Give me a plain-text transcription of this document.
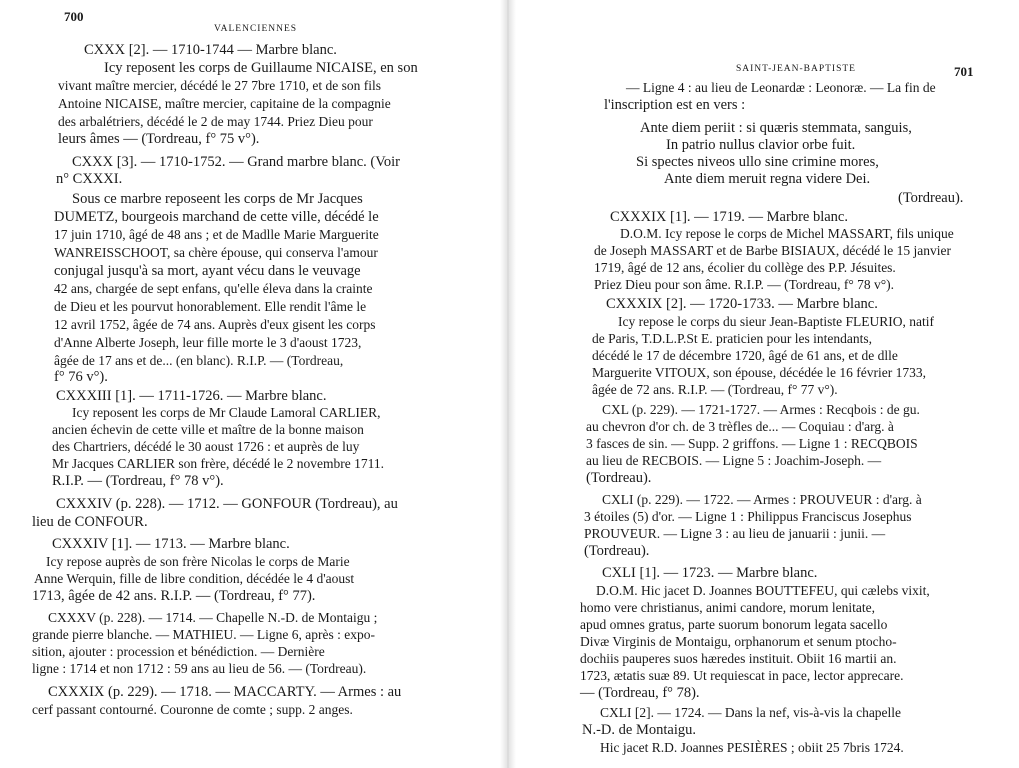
700
VALENCIENNES
CXXX [2]. — 1710-1744 — Marbre blanc.
Icy reposent les corps de Guillaume NICAISE, en son
vivant maître mercier, décédé le 27 7bre 1710, et de son fils
Antoine NICAISE, maître mercier, capitaine de la compagnie
des arbalétriers, décédé le 2 de may 1744. Priez Dieu pour
leurs âmes — (Tordreau, f° 75 v°).
CXXX [3]. — 1710-1752. — Grand marbre blanc. (Voir
n° CXXXI.
Sous ce marbre reposeent les corps de Mr Jacques
DUMETZ, bourgeois marchand de cette ville, décédé le
17 juin 1710, âgé de 48 ans ; et de Madlle Marie Marguerite
WANREISSCHOOT, sa chère épouse, qui conserva l'amour
conjugal jusqu'à sa mort, ayant vécu dans le veuvage
42 ans, chargée de sept enfans, qu'elle éleva dans la crainte
de Dieu et les pourvut honorablement. Elle rendit l'âme le
12 avril 1752, âgée de 74 ans. Auprès d'eux gisent les corps
d'Anne Alberte Joseph, leur fille morte le 3 d'aoust 1723,
âgée de 17 ans et de... (en blanc). R.I.P. — (Tordreau,
f° 76 v°).
CXXXIII [1]. — 1711-1726. — Marbre blanc.
Icy reposent les corps de Mr Claude Lamoral CARLIER,
ancien échevin de cette ville et maître de la bonne maison
des Chartriers, décédé le 30 aoust 1726 : et auprès de luy
Mr Jacques CARLIER son frère, décédé le 2 novembre 1711.
R.I.P. — (Tordreau, f° 78 v°).
CXXXIV (p. 228). — 1712. — GONFOUR (Tordreau), au
lieu de CONFOUR.
CXXXIV [1]. — 1713. — Marbre blanc.
Icy repose auprès de son frère Nicolas le corps de Marie
Anne Werquin, fille de libre condition, décédée le 4 d'aoust
1713, âgée de 42 ans. R.I.P. — (Tordreau, f° 77).
CXXXV (p. 228). — 1714. — Chapelle N.-D. de Montaigu ;
grande pierre blanche. — MATHIEU. — Ligne 6, après : expo-
sition, ajouter : procession et bénédiction. — Dernière
ligne : 1714 et non 1712 : 59 ans au lieu de 56. — (Tordreau).
CXXXIX (p. 229). — 1718. — MACCARTY. — Armes : au
cerf passant contourné. Couronne de comte ; supp. 2 anges.
SAINT-JEAN-BAPTISTE	701
— Ligne 4 : au lieu de Leonardæ : Leonoræ. — La fin de
l'inscription est en vers :
Ante diem periit : si quæris stemmata, sanguis,
In patrio nullus clavior orbe fuit.
Si spectes niveos ullo sine crimine mores,
Ante diem meruit regna videre Dei.
(Tordreau).
CXXXIX [1]. — 1719. — Marbre blanc.
D.O.M. Icy repose le corps de Michel MASSART, fils unique
de Joseph MASSART et de Barbe BISIAUX, décédé le 15 janvier
1719, âgé de 12 ans, écolier du collège des P.P. Jésuites.
Priez Dieu pour son âme. R.I.P. — (Tordreau, f° 78 v°).
CXXXIX [2]. — 1720-1733. — Marbre blanc.
Icy repose le corps du sieur Jean-Baptiste FLEURIO, natif
de Paris, T.D.L.P.St E. praticien pour les intendants,
décédé le 17 de décembre 1720, âgé de 61 ans, et de dlle
Marguerite VITOUX, son épouse, décédée le 16 février 1733,
âgée de 72 ans. R.I.P. — (Tordreau, f° 77 v°).
CXL (p. 229). — 1721-1727. — Armes : Recqbois : de gu.
au chevron d'or ch. de 3 trèfles de... — Coquiau : d'arg. à
3 fasces de sin. — Supp. 2 griffons. — Ligne 1 : RECQBOIS
au lieu de RECBOIS. — Ligne 5 : Joachim-Joseph. —
(Tordreau).
CXLI (p. 229). — 1722. — Armes : PROUVEUR : d'arg. à
3 étoiles (5) d'or. — Ligne 1 : Philippus Franciscus Josephus
PROUVEUR. — Ligne 3 : au lieu de januarii : junii. —
(Tordreau).
CXLI [1]. — 1723. — Marbre blanc.
D.O.M. Hic jacet D. Joannes BOUTTEFEU, qui cælebs vixit,
homo vere christianus, animi candore, morum lenitate,
apud omnes gratus, parte suorum bonorum legata sacello
Divæ Virginis de Montaigu, orphanorum et senum ptocho-
dochiis pauperes suos hæredes instituit. Obiit 16 martii an.
1723, ætatis suæ 89. Ut requiescat in pace, lector apprecare.
— (Tordreau, f° 78).
CXLI [2]. — 1724. — Dans la nef, vis-à-vis la chapelle
N.-D. de Montaigu.
Hic jacet R.D. Joannes PESIÈRES ; obiit 25 7bris 1724.
